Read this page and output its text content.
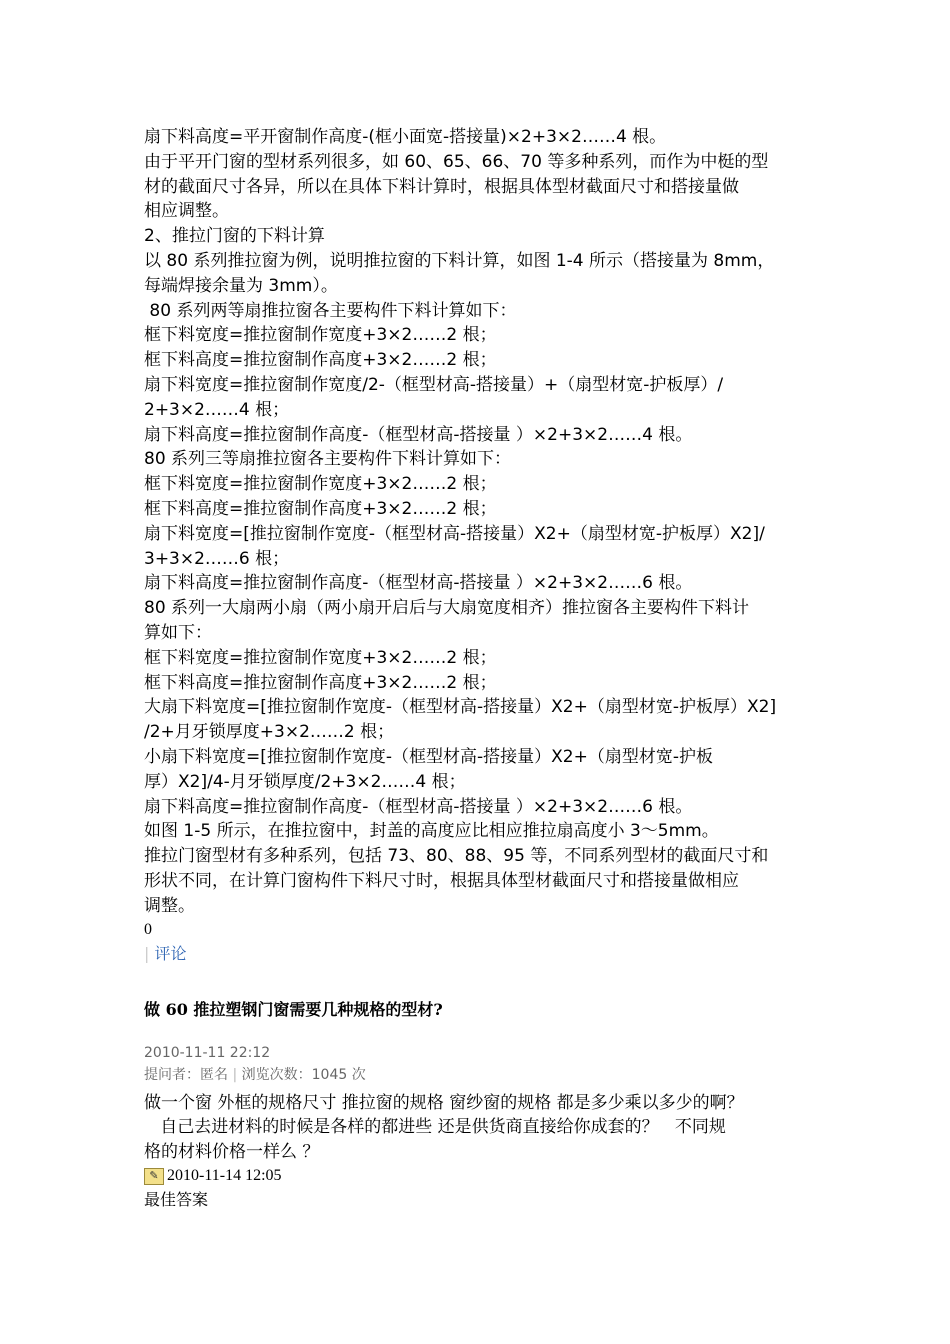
扇下料高度=平开窗制作高度-(框小面宽-搭接量)×2+3×2……4 根。
由于平开门窗的型材系列很多，如 60、65、66、70 等多种系列，而作为中梃的型
材的截面尺寸各异，所以在具体下料计算时，根据具体型材截面尺寸和搭接量做
相应调整。
2、推拉门窗的下料计算
以 80 系列推拉窗为例，说明推拉窗的下料计算，如图 1-4 所示（搭接量为 8mm，
每端焊接余量为 3mm）。
80 系列两等扇推拉窗各主要构件下料计算如下：
框下料宽度=推拉窗制作宽度+3×2……2 根；
框下料高度=推拉窗制作高度+3×2……2 根；
扇下料宽度=推拉窗制作宽度/2-（框型材高-搭接量）+（扇型材宽-护板厚）/
2+3×2……4 根；
扇下料高度=推拉窗制作高度-（框型材高-搭接量 ）×2+3×2……4 根。
80 系列三等扇推拉窗各主要构件下料计算如下：
框下料宽度=推拉窗制作宽度+3×2……2 根；
框下料高度=推拉窗制作高度+3×2……2 根；
扇下料宽度=[推拉窗制作宽度-（框型材高-搭接量）X2+（扇型材宽-护板厚）X2]/
3+3×2……6 根；
扇下料高度=推拉窗制作高度-（框型材高-搭接量 ）×2+3×2……6 根。
80 系列一大扇两小扇（两小扇开启后与大扇宽度相齐）推拉窗各主要构件下料计
算如下：
框下料宽度=推拉窗制作宽度+3×2……2 根；
框下料高度=推拉窗制作高度+3×2……2 根；
大扇下料宽度=[推拉窗制作宽度-（框型材高-搭接量）X2+（扇型材宽-护板厚）X2]
/2+月牙锁厚度+3×2……2 根；
小扇下料宽度=[推拉窗制作宽度-（框型材高-搭接量）X2+（扇型材宽-护板
厚）X2]/4-月牙锁厚度/2+3×2……4 根；
扇下料高度=推拉窗制作高度-（框型材高-搭接量 ）×2+3×2……6 根。
如图 1-5 所示，在推拉窗中，封盖的高度应比相应推拉扇高度小 3～5mm。
推拉门窗型材有多种系列，包括 73、80、88、95 等，不同系列型材的截面尺寸和
形状不同，在计算门窗构件下料尺寸时，根据具体型材截面尺寸和搭接量做相应
调整。
0
| 评论
做 60 推拉塑钢门窗需要几种规格的型材?
2010-11-11 22:12
提问者：匿名 | 浏览次数：1045 次
做一个窗 外框的规格尺寸 推拉窗的规格 窗纱窗的规格 都是多少乘以多少的啊？
自己去进材料的时候是各样的都进些 还是供货商直接给你成套的？   不同规
格的材料价格一样么 ？
✎ 2010-11-14 12:05
最佳答案
